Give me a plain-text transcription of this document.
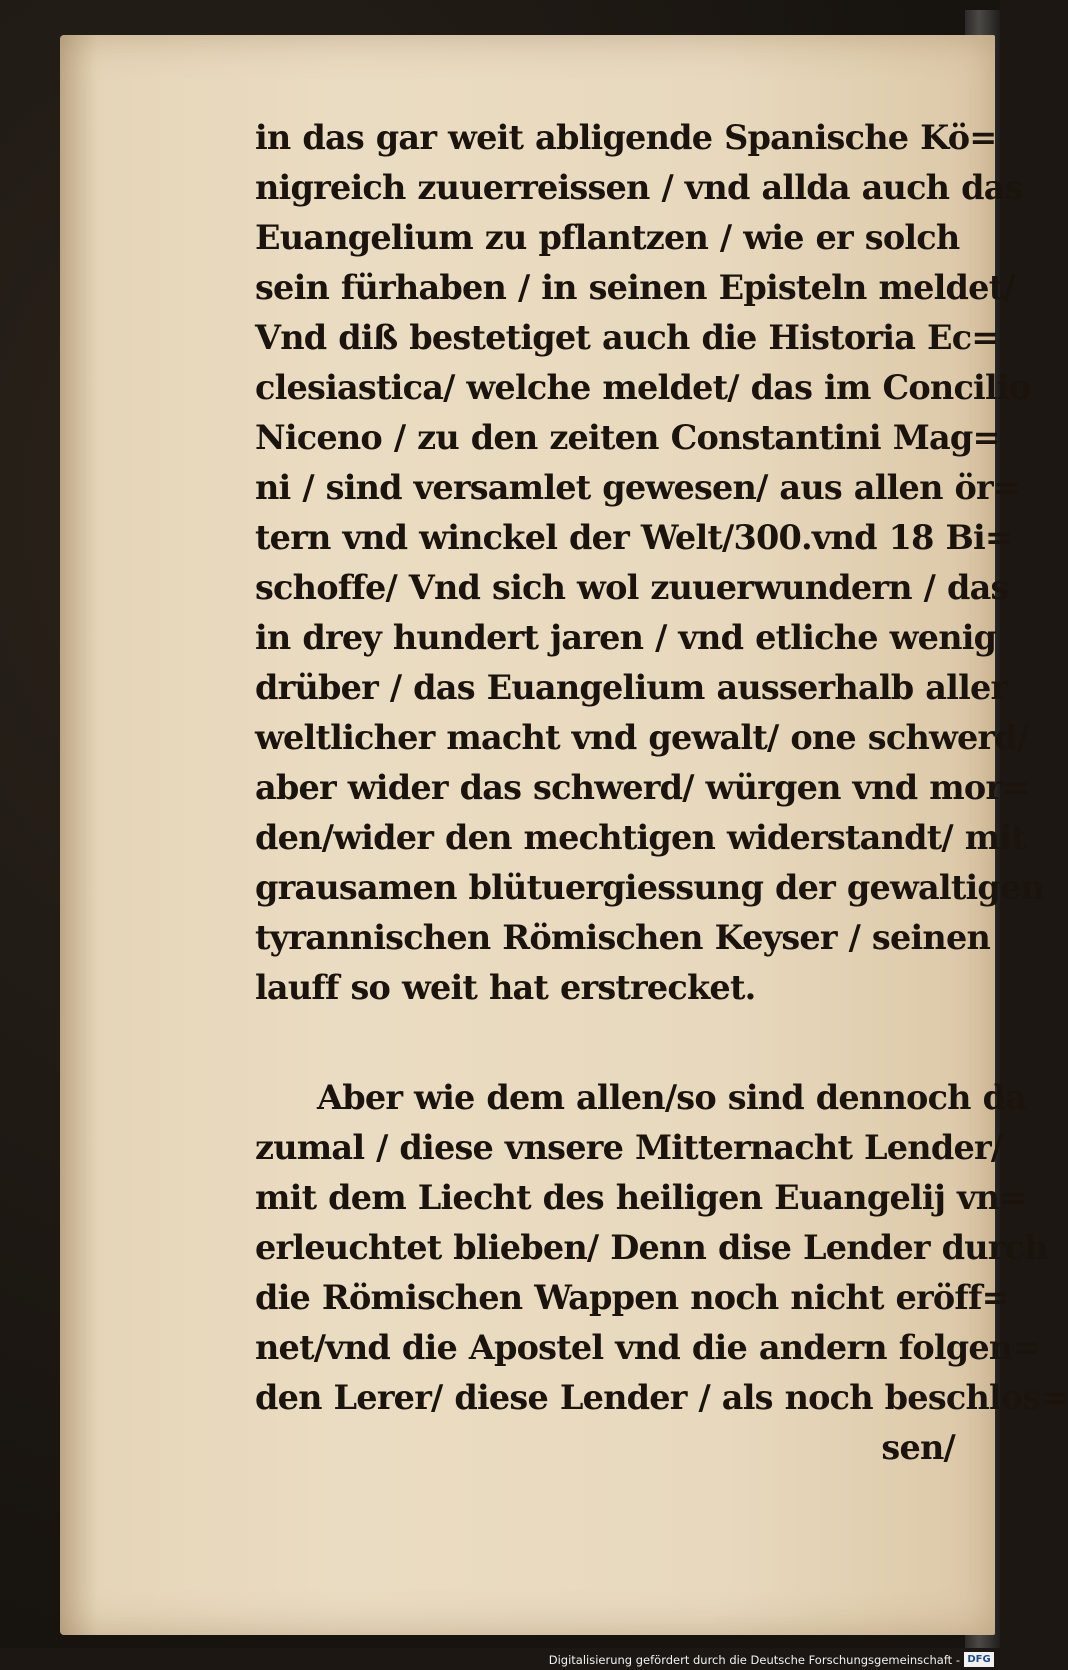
in das gar weit abligende Spanische Kö=
nigreich zuuerreissen / vnd allda auch das
Euangelium zu pflantzen / wie er solch
sein fürhaben / in seinen Episteln meldet/
Vnd diß bestetiget auch die Historia Ec=
clesiastica/ welche meldet/ das im Concilio
Niceno / zu den zeiten Constantini Mag=
ni / sind versamlet gewesen/ aus allen ör=
tern vnd winckel der Welt/300.vnd 18 Bi=
schoffe/ Vnd sich wol zuuerwundern / das
in drey hundert jaren / vnd etliche wenig
drüber / das Euangelium ausserhalb aller
weltlicher macht vnd gewalt/ one schwerd/
aber wider das schwerd/ würgen vnd mor=
den/wider den mechtigen widerstandt/ mit
grausamen blütuergiessung der gewaltigen
tyrannischen Römischen Keyser / seinen
lauff so weit hat erstrecket.
Aber wie dem allen/so sind dennoch da
zumal / diese vnsere Mitternacht Lender/
mit dem Liecht des heiligen Euangelij vn=
erleuchtet blieben/ Denn dise Lender durch
die Römischen Wappen noch nicht eröff=
net/vnd die Apostel vnd die andern folgen=
den Lerer/ diese Lender / als noch beschlos=
sen/
Digitalisierung gefördert durch die Deutsche Forschungsgemeinschaft - DFG
